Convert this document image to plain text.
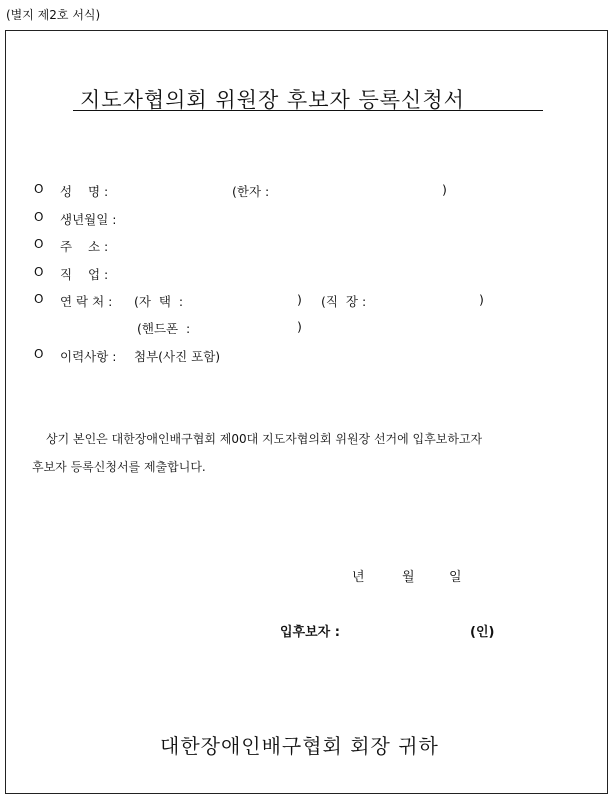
(별지 제2호 서식)
지도자협의회 위원장 후보자 등록신청서
O 성    명 :	(한자 :	)
O 생년월일 :
O 주    소 :
O 직    업 :
O 연 락 처 : (자  택  :	) (직  장 :	)
(핸드폰  :	)
O 이력사항 : 첨부(사진 포함)
상기 본인은 대한장애인배구협회 제00대 지도자협의회 위원장 선거에 입후보하고자
후보자 등록신청서를 제출합니다.
년	월	일
입후보자 :	(인)
대한장애인배구협회 회장 귀하
